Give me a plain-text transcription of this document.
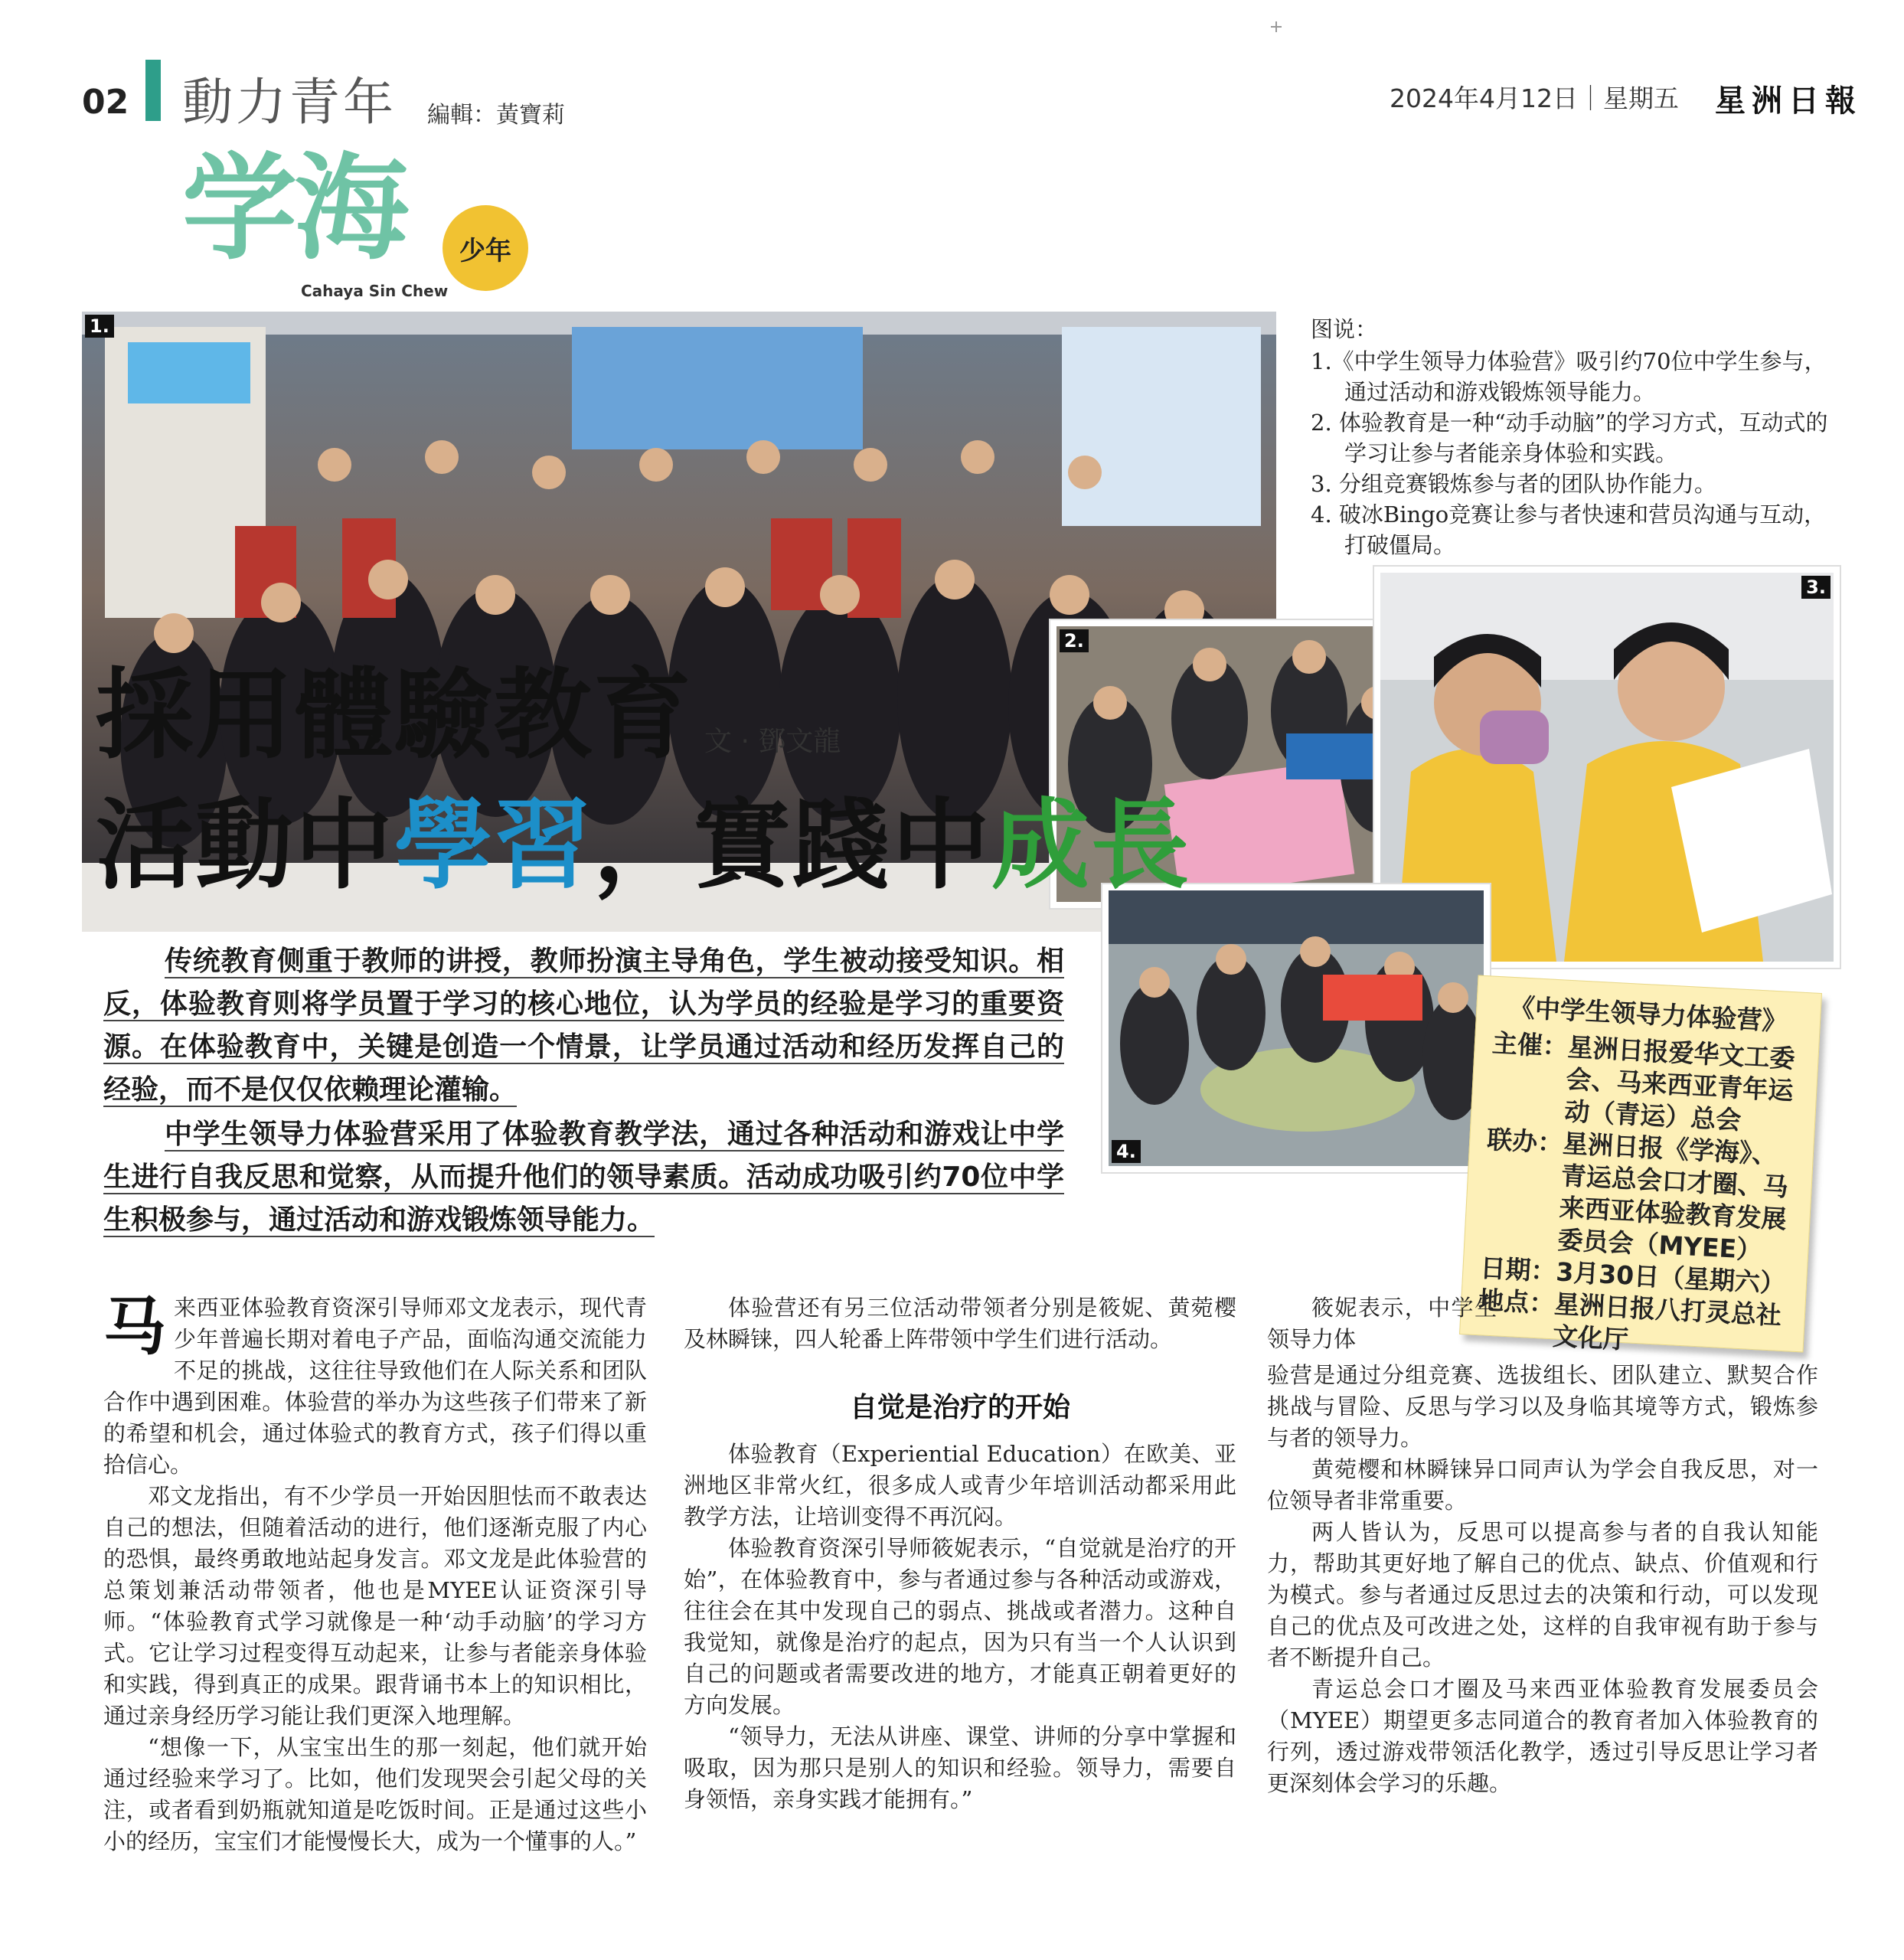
02 動力青年 編輯：黃寶莉
2024年4月12日｜星期五 星洲日報
学海	少年
Cahaya Sin Chew
1.
2.
3.
4.
採用體驗教育 文 · 鄧文龍
活動中學習，實踐中成長

传统教育侧重于教师的讲授，教师扮演主导角色，学生被动接受知识。相反，体验教育则将学员置于学习的核心地位，认为学员的经验是学习的重要资源。在体验教育中，关键是创造一个情景，让学员通过活动和经历发挥自己的经验，而不是仅仅依赖理论灌输。

中学生领导力体验营采用了体验教育教学法，通过各种活动和游戏让中学生进行自我反思和觉察，从而提升他们的领导素质。活动成功吸引约70位中学生积极参与，通过活动和游戏锻炼领导能力。

图说：
1.《中学生领导力体验营》吸引约70位中学生参与，通过活动和游戏锻炼领导能力。
2. 体验教育是一种“动手动脑”的学习方式，互动式的学习让参与者能亲身体验和实践。
3. 分组竞赛锻炼参与者的团队协作能力。
4. 破冰Bingo竞赛让参与者快速和营员沟通与互动，打破僵局。
《中学生领导力体验营》
主催：
星洲日报爱华文工委会、马来西亚青年运动（青运）总会
联办：
星洲日报《学海》、青运总会口才圈、马来西亚体验教育发展委员会（MYEE）
日期：
3月30日（星期六）
地点：
星洲日报八打灵总社文化厅

马来西亚体验教育资深引导师邓文龙表示，现代青少年普遍长期对着电子产品，面临沟通交流能力不足的挑战，这往往导致他们在人际关系和团队合作中遇到困难。体验营的举办为这些孩子们带来了新的希望和机会，通过体验式的教育方式，孩子们得以重拾信心。

邓文龙指出，有不少学员一开始因胆怯而不敢表达自己的想法，但随着活动的进行，他们逐渐克服了内心的恐惧，最终勇敢地站起身发言。邓文龙是此体验营的总策划兼活动带领者，他也是MYEE认证资深引导师。“体验教育式学习就像是一种‘动手动脑’的学习方式。它让学习过程变得互动起来，让参与者能亲身体验和实践，得到真正的成果。跟背诵书本上的知识相比，通过亲身经历学习能让我们更深入地理解。

“想像一下，从宝宝出生的那一刻起，他们就开始通过经验来学习了。比如，他们发现哭会引起父母的关注，或者看到奶瓶就知道是吃饭时间。正是通过这些小小的经历，宝宝们才能慢慢长大，成为一个懂事的人。”

体验营还有另三位活动带领者分别是筱妮、黄菀樱及林瞬铼，四人轮番上阵带领中学生们进行活动。

自觉是治疗的开始

体验教育（Experiential Education）在欧美、亚洲地区非常火红，很多成人或青少年培训活动都采用此教学方法，让培训变得不再沉闷。

体验教育资深引导师筱妮表示，“自觉就是治疗的开始”，在体验教育中，参与者通过参与各种活动或游戏，往往会在其中发现自己的弱点、挑战或者潜力。这种自我觉知，就像是治疗的起点，因为只有当一个人认识到自己的问题或者需要改进的地方，才能真正朝着更好的方向发展。

“领导力，无法从讲座、课堂、讲师的分享中掌握和吸取，因为那只是别人的知识和经验。领导力，需要自身领悟，亲身实践才能拥有。”

筱妮表示，中学生领导力体

验营是通过分组竞赛、选拔组长、团队建立、默契合作挑战与冒险、反思与学习以及身临其境等方式，锻炼参与者的领导力。

黄菀樱和林瞬铼异口同声认为学会自我反思，对一位领导者非常重要。

两人皆认为，反思可以提高参与者的自我认知能力，帮助其更好地了解自己的优点、缺点、价值观和行为模式。参与者通过反思过去的决策和行动，可以发现自己的优点及可改进之处，这样的自我审视有助于参与者不断提升自己。

青运总会口才圈及马来西亚体验教育发展委员会（MYEE）期望更多志同道合的教育者加入体验教育的行列，透过游戏带领活化教学，透过引导反思让学习者更深刻体会学习的乐趣。
